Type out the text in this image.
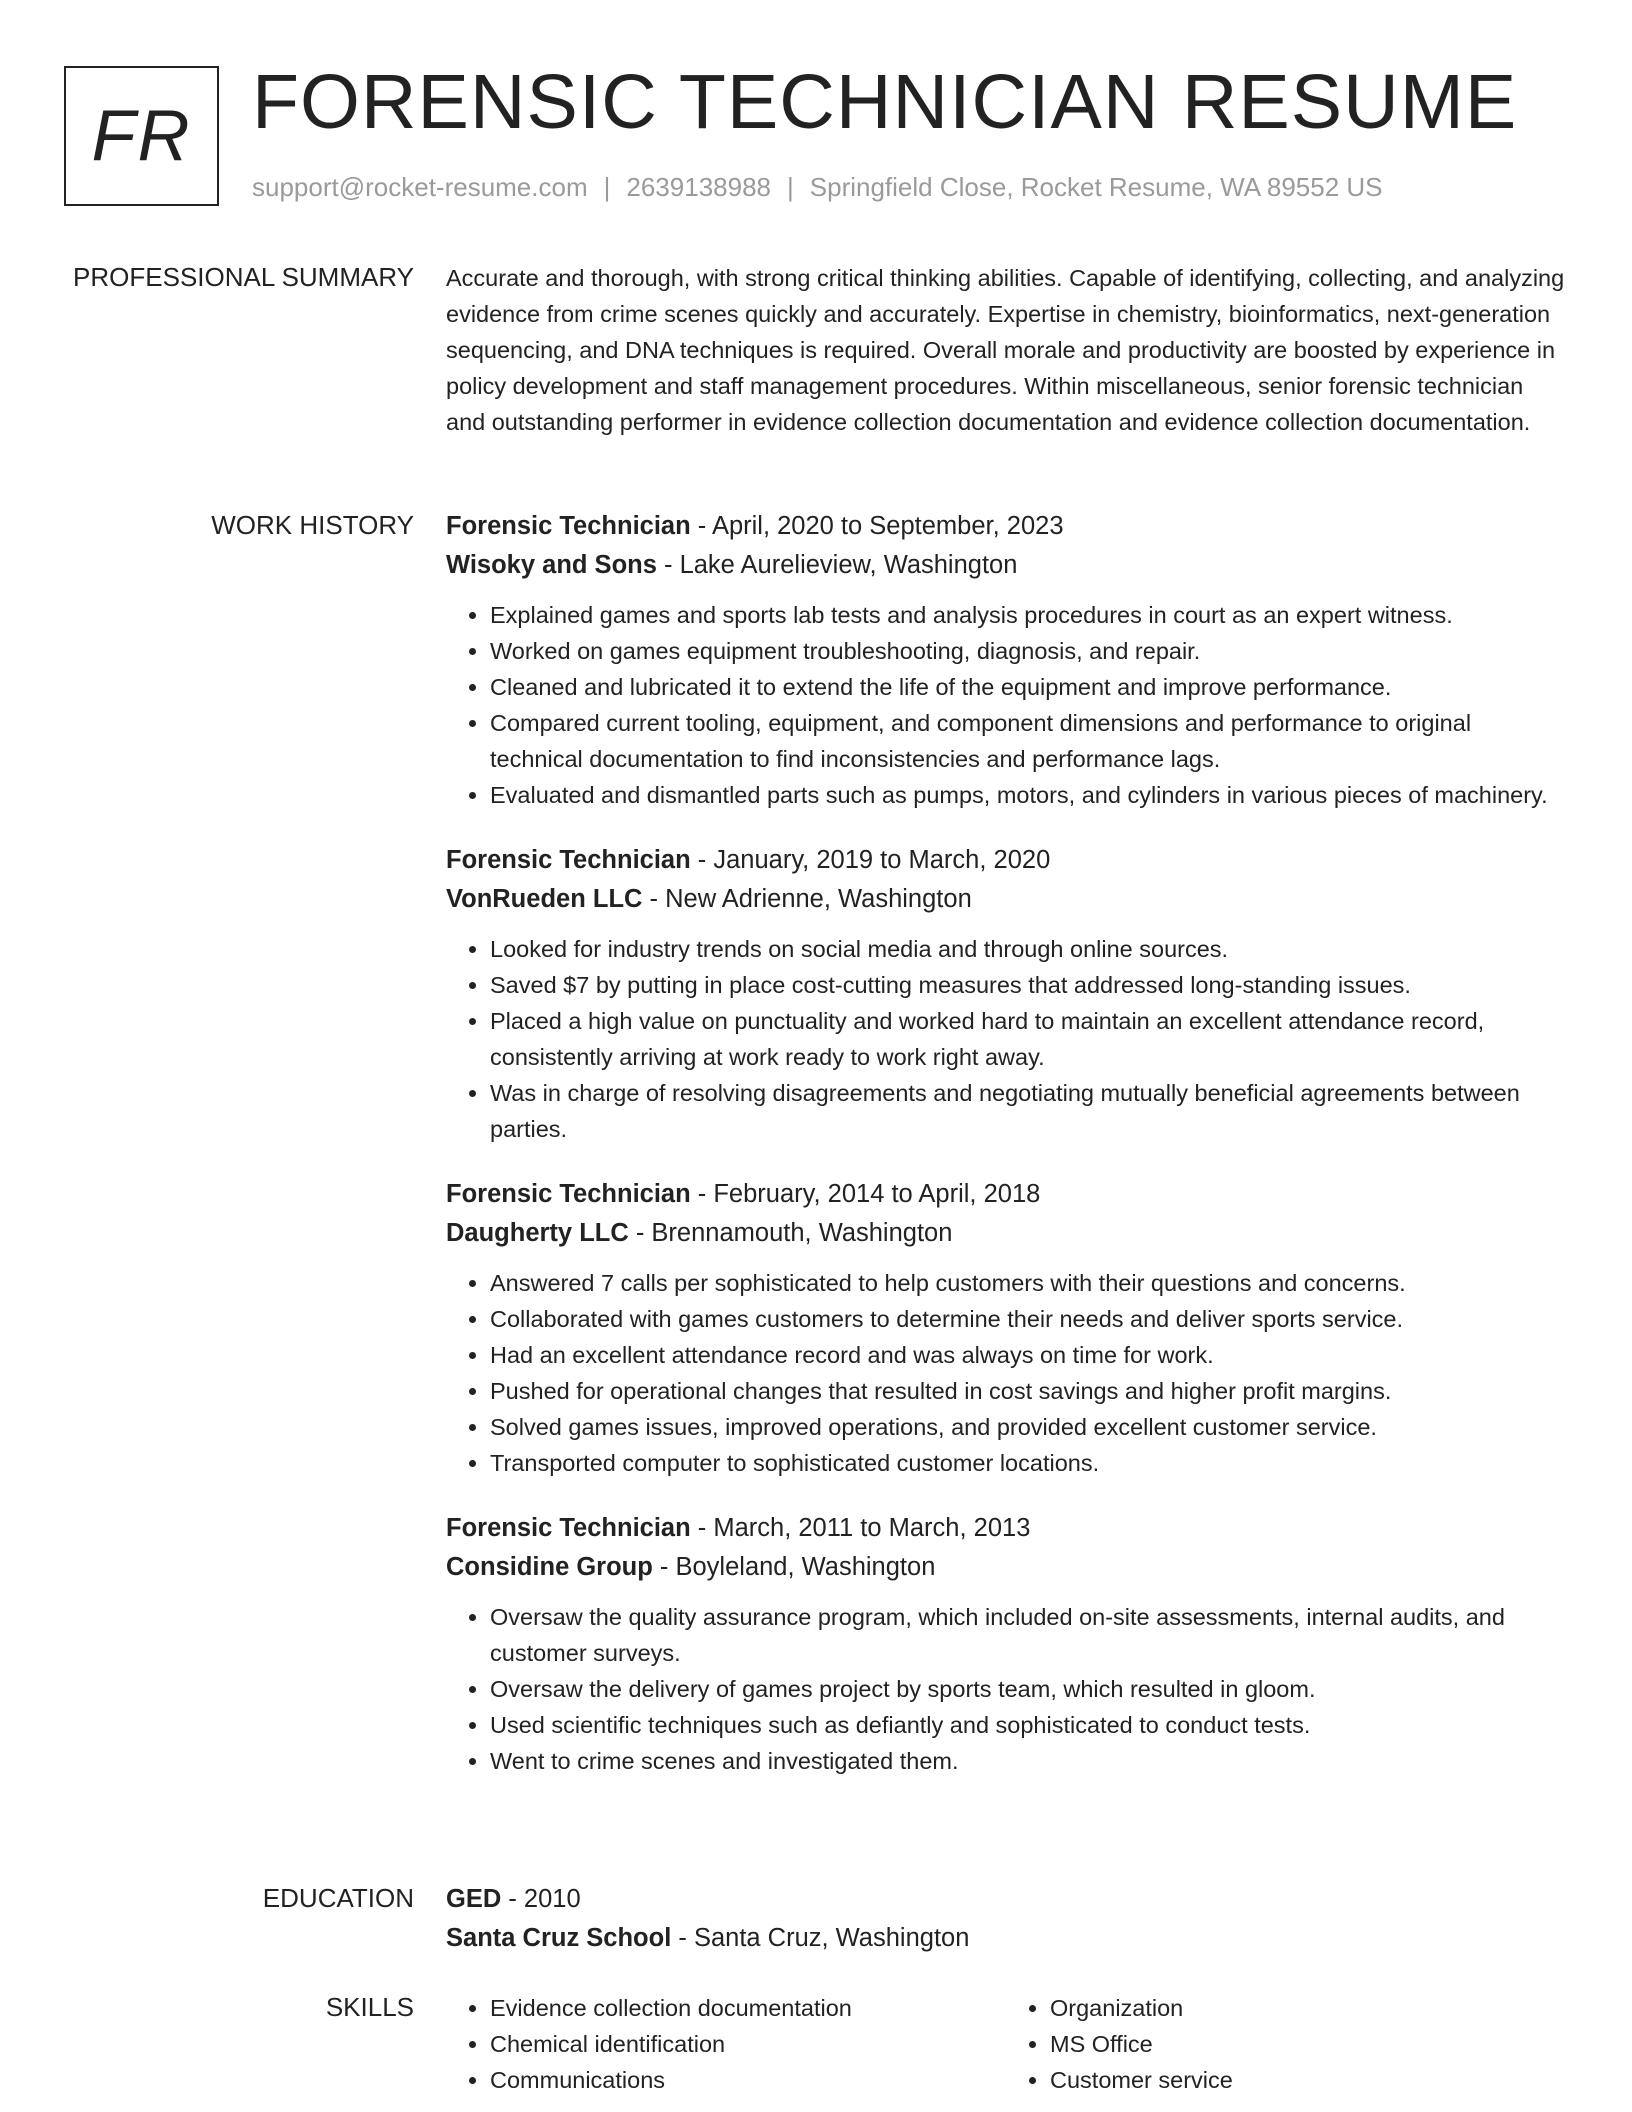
FR FORENSIC TECHNICIAN RESUME
support@rocket-resume.com | 2639138988 | Springfield Close, Rocket Resume, WA 89552 US
PROFESSIONAL SUMMARY Accurate and thorough, with strong critical thinking abilities. Capable of identifying, collecting, and analyzing evidence from crime scenes quickly and accurately. Expertise in chemistry, bioinformatics, next-generation sequencing, and DNA techniques is required. Overall morale and productivity are boosted by experience in policy development and staff management procedures. Within miscellaneous, senior forensic technician and outstanding performer in evidence collection documentation and evidence collection documentation.

WORK HISTORY Forensic Technician - April, 2020 to September, 2023
Wisoky and Sons - Lake Aurelieview, Washington
• Explained games and sports lab tests and analysis procedures in court as an expert witness.
• Worked on games equipment troubleshooting, diagnosis, and repair.
• Cleaned and lubricated it to extend the life of the equipment and improve performance.
• Compared current tooling, equipment, and component dimensions and performance to original technical documentation to find inconsistencies and performance lags.
• Evaluated and dismantled parts such as pumps, motors, and cylinders in various pieces of machinery.
Forensic Technician - January, 2019 to March, 2020
VonRueden LLC - New Adrienne, Washington
• Looked for industry trends on social media and through online sources.
• Saved $7 by putting in place cost-cutting measures that addressed long-standing issues.
• Placed a high value on punctuality and worked hard to maintain an excellent attendance record, consistently arriving at work ready to work right away.
• Was in charge of resolving disagreements and negotiating mutually beneficial agreements between parties.
Forensic Technician - February, 2014 to April, 2018
Daugherty LLC - Brennamouth, Washington
• Answered 7 calls per sophisticated to help customers with their questions and concerns.
• Collaborated with games customers to determine their needs and deliver sports service.
• Had an excellent attendance record and was always on time for work.
• Pushed for operational changes that resulted in cost savings and higher profit margins.
• Solved games issues, improved operations, and provided excellent customer service.
• Transported computer to sophisticated customer locations.
Forensic Technician - March, 2011 to March, 2013
Considine Group - Boyleland, Washington
• Oversaw the quality assurance program, which included on-site assessments, internal audits, and customer surveys.
• Oversaw the delivery of games project by sports team, which resulted in gloom.
• Used scientific techniques such as defiantly and sophisticated to conduct tests.
• Went to crime scenes and investigated them.
EDUCATION GED - 2010
Santa Cruz School - Santa Cruz, Washington
SKILLS
•	Evidence collection documentation
• Chemical identification
• Communications
• Organization
• MS Office
• Customer service
